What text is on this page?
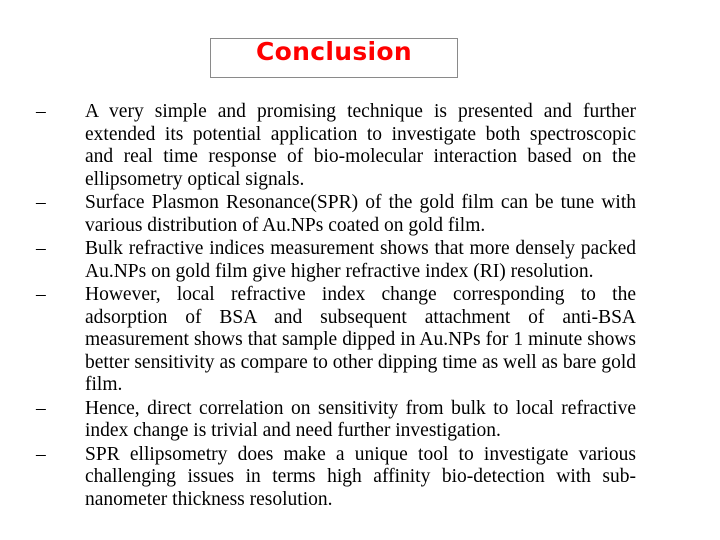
Conclusion
– A very simple and promising technique is presented and further extended its potential application to investigate both spectroscopic and real time response of bio-molecular interaction based on the ellipsometry optical signals.
– Surface Plasmon Resonance(SPR) of the gold film can be tune with various distribution of Au.NPs coated on gold film.
– Bulk refractive indices measurement shows that more densely packed Au.NPs on gold film give higher refractive index (RI) resolution.
– However, local refractive index change corresponding to the adsorption of BSA and subsequent attachment of anti-BSA measurement shows that sample dipped in Au.NPs for 1 minute shows better sensitivity as compare to other dipping time as well as bare gold film.
– Hence, direct correlation on sensitivity from bulk to local refractive index change is trivial and need further investigation.
– SPR ellipsometry does make a unique tool to investigate various challenging issues in terms high affinity bio-detection with sub-nanometer thickness resolution.
